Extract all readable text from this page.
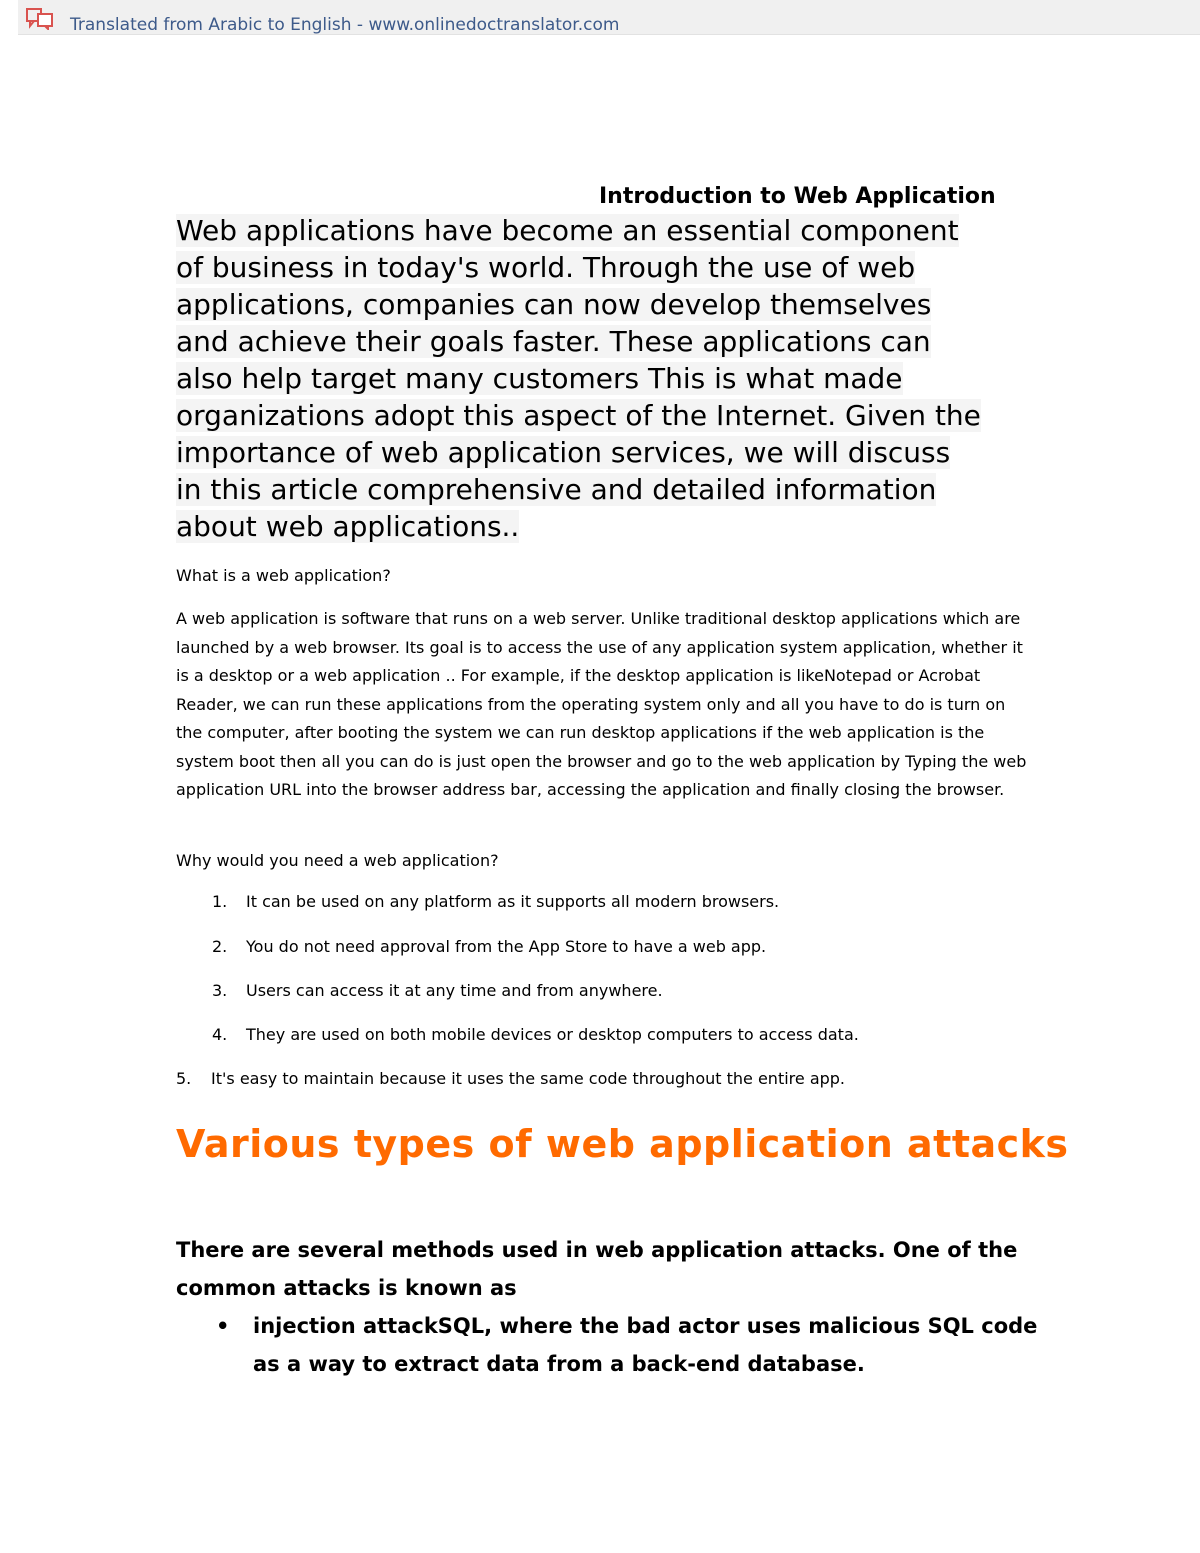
Translated from Arabic to English - www.onlinedoctranslator.com
Introduction to Web Application
Web applications have become an essential component
of business in today's world. Through the use of web
applications, companies can now develop themselves
and achieve their goals faster. These applications can
also help target many customers This is what made
organizations adopt this aspect of the Internet. Given the
importance of web application services, we will discuss
in this article comprehensive and detailed information
about web applications..
What is a web application?
A web application is software that runs on a web server. Unlike traditional desktop applications which are launched by a web browser. Its goal is to access the use of any application system application, whether it is a desktop or a web application .. For example, if the desktop application is likeNotepad or Acrobat Reader, we can run these applications from the operating system only and all you have to do is turn on the computer, after booting the system we can run desktop applications if the web application is the system boot then all you can do is just open the browser and go to the web application by Typing the web application URL into the browser address bar, accessing the application and finally closing the browser.
Why would you need a web application?
1. It can be used on any platform as it supports all modern browsers.
2. You do not need approval from the App Store to have a web app.
3. Users can access it at any time and from anywhere.
4. They are used on both mobile devices or desktop computers to access data.
5. It's easy to maintain because it uses the same code throughout the entire app.
Various types of web application attacks
There are several methods used in web application attacks. One of the common attacks is known as
• injection attackSQL, where the bad actor uses malicious SQL code as a way to extract data from a back-end database.
